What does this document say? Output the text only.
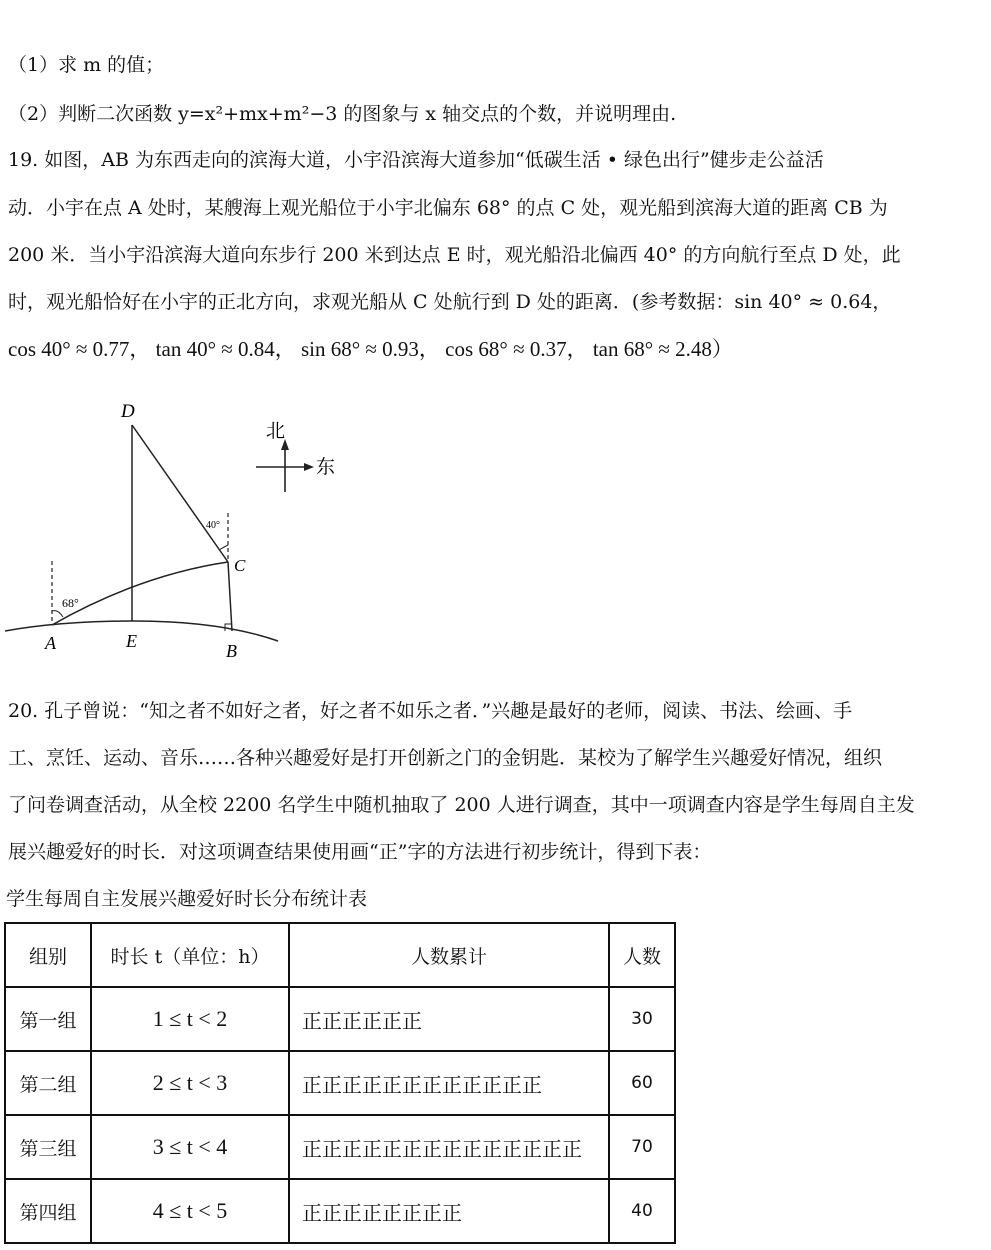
（1）求 m 的值；
（2）判断二次函数 y=x²+mx+m²−3 的图象与 x 轴交点的个数，并说明理由.
19. 如图，AB 为东西走向的滨海大道，小宇沿滨海大道参加“低碳生活 • 绿色出行”健步走公益活
动．小宇在点 A 处时，某艘海上观光船位于小宇北偏东 68° 的点 C 处，观光船到滨海大道的距离 CB 为
200 米．当小宇沿滨海大道向东步行 200 米到达点 E 时，观光船沿北偏西 40° 的方向航行至点 D 处，此
时，观光船恰好在小宇的正北方向，求观光船从 C 处航行到 D 处的距离．(参考数据：sin 40° ≈ 0.64，
cos 40° ≈ 0.77， tan 40° ≈ 0.84， sin 68° ≈ 0.93， cos 68° ≈ 0.37， tan 68° ≈ 2.48）
北
东
D
C
A	E	B
68°
40°
20. 孔子曾说：“知之者不如好之者，好之者不如乐之者．”兴趣是最好的老师，阅读、书法、绘画、手
工、烹饪、运动、音乐……各种兴趣爱好是打开创新之门的金钥匙．某校为了解学生兴趣爱好情况，组织
了问卷调查活动，从全校 2200 名学生中随机抽取了 200 人进行调查，其中一项调查内容是学生每周自主发
展兴趣爱好的时长．对这项调查结果使用画“正”字的方法进行初步统计，得到下表：
学生每周自主发展兴趣爱好时长分布统计表
组别	时长 t（单位：h）	人数累计	人数
第一组	1 ≤ t < 2	正正正正正正	30
第二组	2 ≤ t < 3	正正正正正正正正正正正正	60
第三组	3 ≤ t < 4	正正正正正正正正正正正正正正	70
第四组	4 ≤ t < 5	正正正正正正正正	40
